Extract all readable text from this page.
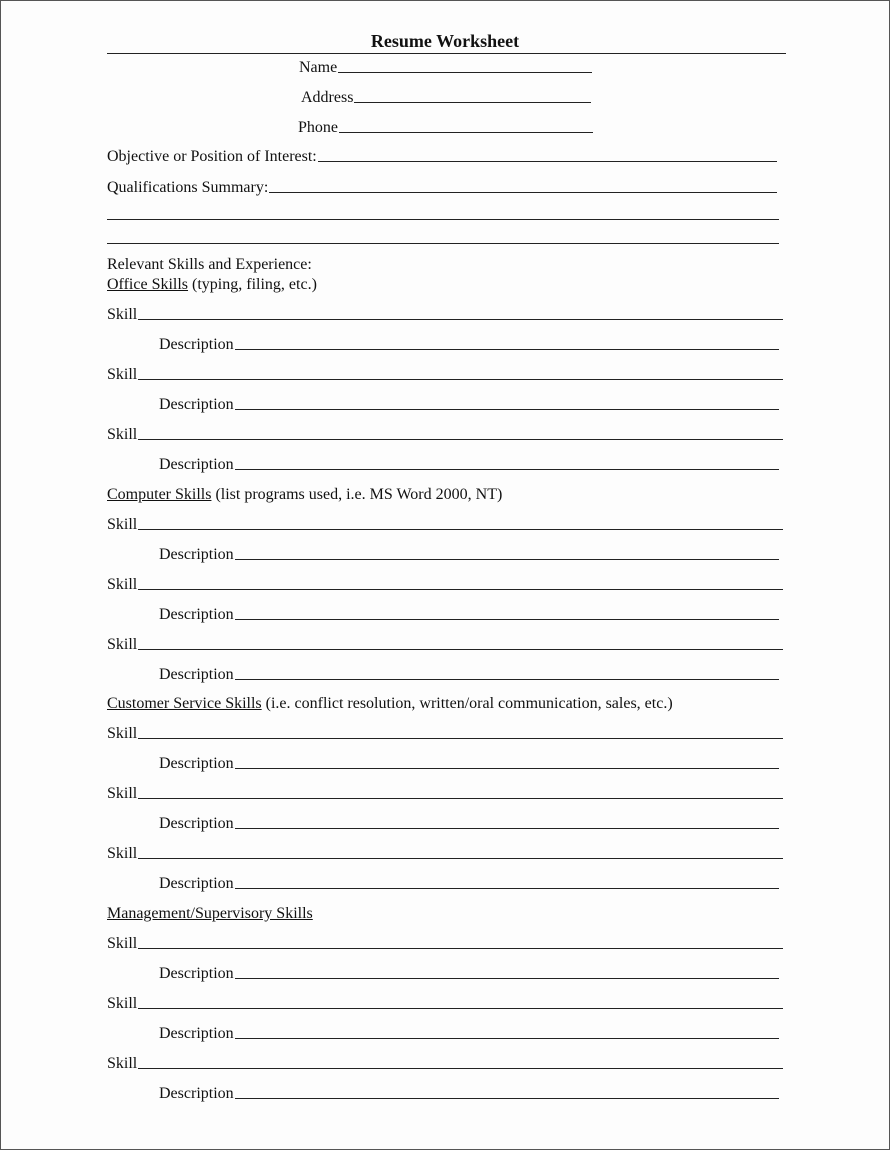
Resume Worksheet
Name
Address
Phone
Objective or Position of Interest:
Qualifications Summary:
Relevant Skills and Experience:
Office Skills (typing, filing, etc.)
Skill
Description
Skill
Description
Skill
Description
Computer Skills (list programs used, i.e. MS Word 2000, NT)
Skill
Description
Skill
Description
Skill
Description
Customer Service Skills (i.e. conflict resolution, written/oral communication, sales, etc.)
Skill
Description
Skill
Description
Skill
Description
Management/Supervisory Skills
Skill
Description
Skill
Description
Skill
Description
